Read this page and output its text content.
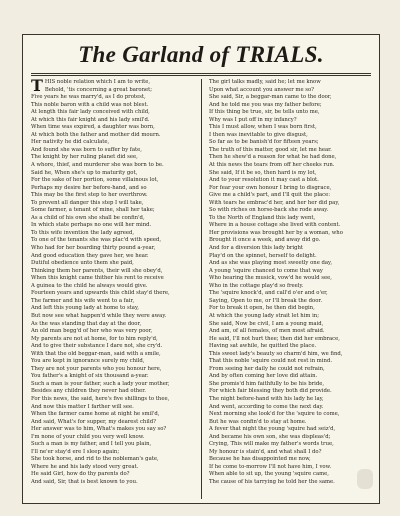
The Garland of TRIALS.
THIS noble relation which I am to write,
Behold, 'tis concerning a great baronet;
Five years he was marry'd, as I do protest,
This noble baron with a child was not blest.
At length this fair lady conceived with child,
At which this fair knight and his lady smil'd.
When time was expired, a daughter was born,
At which both the father and mother did mourn.
Her nativity he did calculate,
And found she was born to suffer by fate,
The knight by her ruling planet did see,
A whore, thief, and murderer she was born to be.
Said he, When she's up to maturity got,
For the sake of her portion, some villainous lot,
Perhaps my desire her before-hand, and so
This may be the first step to her overthrow.
To prevent all danger this step I will take,
Some farmer, a tenant of mine, shall her take;
As a child of his own she shall be confin'd,
In which state perhaps no one will her mind.
To this wife invention the lady agreed,
To one of the tenants she was plac'd with speed,
Who had for her boarding thirty pound a-year,
And good education they gave her, we hear.
Dutiful obedience unto them she paid,
Thinking them her parents, their will she obey'd,
When this knight came thither his rent to receive
A guinea to the child he always would give.
Fourteen years and upwards this child stay'd there,
The farmer and his wife went to a fair,
And left this young lady at home to stay,
But now see what happen'd while they were away.
As the was standing that day at the door,
An old man begg'd of her who was very poor,
My parents are not at home, for to him reply'd,
And to give their substance I dare not, she cry'd.
With that the old beggar-man, said with a smile,
You are kept in ignorance surely my child,
They are not your parents who you honour here,
You father's a knight of six thousand a-year.
Such a man is your father, such a lady your mother,
Besides any children they never had other.
For this news, the said, here's five shillings to thee,
And now this matter I farther will see.
When the farmer came home at night he smil'd,
And said, What's for supper, my dearest child?
Her answer was to him, What's makes you say so?
I'm none of your child you very well know.
Such a man is my father, and I tell you plain,
I'll ne'er stay'd ere I sleep again;
She took horse, and rid to the nobleman's gate,
Where he and his lady stood very great.
He said Girl, how do thy parents do?
And said, Sir, that is best known to you.
The girl talks madly, said he; let me know
Upon what account you answer me so?
She said, Sir, a beggar-man came to the door,
And he told me you was my father before;
If this thing be true, sir, be tells unto me,
Why was I put off in my infancy?
This I must allow, when I was born first,
I then was inevitable to give disgust,
So far as to be banish'd for fifteen years;
The truth of this matter, good sir, let me hear.
Then he shew'd a reason for what he had done,
At this news the tears from off her cheeks run.
She said, If it be so, then hard is my lot,
And to your resolution it may cast a blot.
For fear your own honour I bring to disgrace,
Give me a child's part, and I'll quit the place:
With tears he embrac'd her, and her her did pay,
So with riches on horse-back she rode away.
To the North of England this lady went,
Where in a house cottage she lived with content.
Her provisions was brought her by a woman, who
Brought it once a week, and away did go.
And for a diversion this lady bright
Play'd on the spinnet, herself to delight.
And as she was playing most sweetly one day,
A young 'squire chanced to come that way
Who hearing the musick, vow'd he would see,
Who in the cottage play'd so freely.
The 'squire knock'd, and call'd o'er and o'er,
Saying, Open to me, or I'll break the door.
For to break it open, he then did begin,
At which the young lady strait let him in;
She said, Now be civil, I am a young maid,
And am, of all females, of men most afraid.
He said, I'll not hurt thee; then did her embrace,
Having sat awhile, he quitted the place.
This sweet lady's beauty so charm'd him, we find,
That this noble 'squire could not rest in mind.
From seeing her daily he could not refrain,
And by often coming her love did attain.
She promis'd him faithfully to be his bride,
For which fair blessing they both did provide.
The night before-hand with his lady he lay,
And went, according to come the next day.
Next morning she look'd for the 'squire to come,
But he was confin'd to stay at home.
A fever that night the young 'squire had seiz'd,
And became his own son, she was displeas'd;
Crying, This will make my father's words true,
My honour is stain'd, and what shall I do?
Because he has disappointed me now,
If he come to-morrow I'll not have him, I vow.
When able to sit up, the young 'squire came,
The cause of his tarrying he told her the same.
